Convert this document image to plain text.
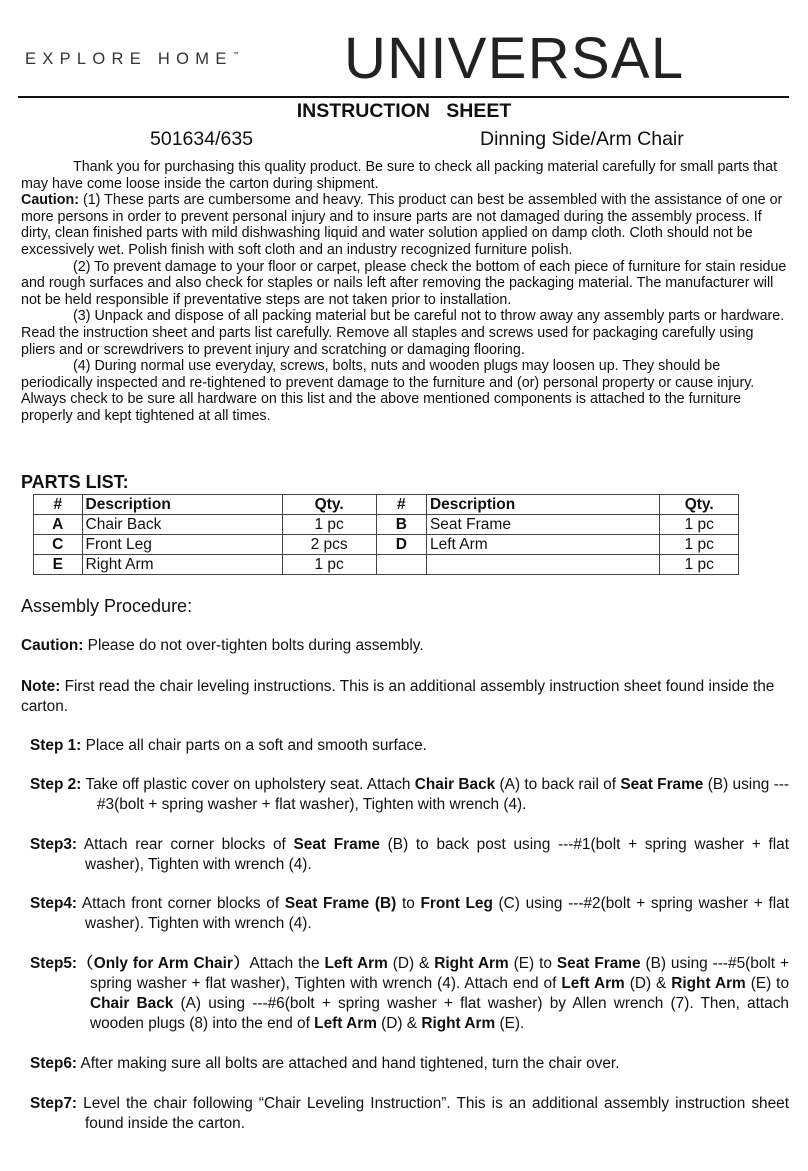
EXPLORE HOME™ UNIVERSAL
INSTRUCTION   SHEET
501634/635	Dinning Side/Arm Chair

Thank you for purchasing this quality product. Be sure to check all packing material carefully for small parts that may have come loose inside the carton during shipment.

Caution: (1) These parts are cumbersome and heavy. This product can best be assembled with the assistance of one or more persons in order to prevent personal injury and to insure parts are not damaged during the assembly process. If dirty, clean finished parts with mild dishwashing liquid and water solution applied on damp cloth. Cloth should not be excessively wet. Polish finish with soft cloth and an industry recognized furniture polish.

(2) To prevent damage to your floor or carpet, please check the bottom of each piece of furniture for stain residue and rough surfaces and also check for staples or nails left after removing the packaging material. The manufacturer will not be held responsible if preventative steps are not taken prior to installation.

(3) Unpack and dispose of all packing material but be careful not to throw away any assembly parts or hardware. Read the instruction sheet and parts list carefully. Remove all staples and screws used for packaging carefully using pliers and or screwdrivers to prevent injury and scratching or damaging flooring.

(4) During normal use everyday, screws, bolts, nuts and wooden plugs may loosen up. They should be periodically inspected and re-tightened to prevent damage to the furniture and (or) personal property or cause injury. Always check to be sure all hardware on this list and the above mentioned components is attached to the furniture properly and kept tightened at all times.

PARTS LIST:
#	Description	Qty.	#	Description	Qty.
A	Chair Back	1 pc	B	Seat Frame	1 pc
C	Front Leg	2 pcs	D	Left Arm	1 pc
E	Right Arm	1 pc			1 pc
Assembly Procedure:
Caution: Please do not over-tighten bolts during assembly.
Note: First read the chair leveling instructions. This is an additional assembly instruction sheet found inside the carton.
Step 1: Place all chair parts on a soft and smooth surface.
Step 2: Take off plastic cover on upholstery seat. Attach Chair Back (A) to back rail of Seat Frame (B) using ---#3(bolt + spring washer + flat washer), Tighten with wrench (4).
Step3: Attach rear corner blocks of Seat Frame (B) to back post using ---#1(bolt + spring washer + flat washer), Tighten with wrench (4).
Step4: Attach front corner blocks of Seat Frame (B) to Front Leg (C) using ---#2(bolt + spring washer + flat washer). Tighten with wrench (4).
Step5:（Only for Arm Chair）Attach the Left Arm (D) & Right Arm (E) to Seat Frame (B) using ---#5(bolt + spring washer + flat washer), Tighten with wrench (4). Attach end of Left Arm (D) & Right Arm (E) to Chair Back (A) using ---#6(bolt + spring washer + flat washer) by Allen wrench (7). Then, attach wooden plugs (8) into the end of Left Arm (D) & Right Arm (E).
Step6: After making sure all bolts are attached and hand tightened, turn the chair over.
Step7: Level the chair following “Chair Leveling Instruction”. This is an additional assembly instruction sheet found inside the carton.
